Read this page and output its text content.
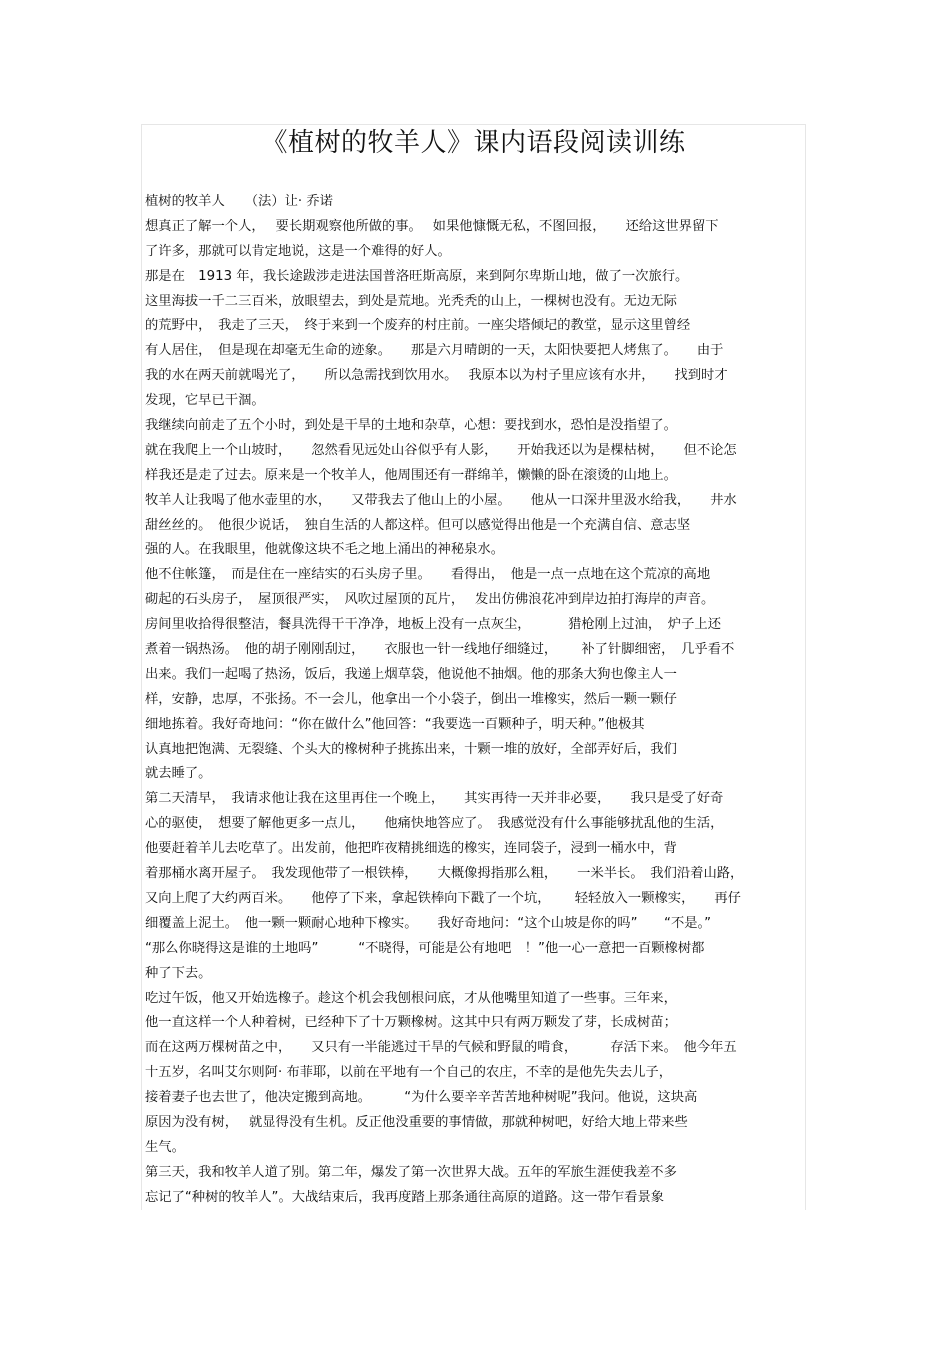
《植树的牧羊人》课内语段阅读训练
植树的牧羊人　　（法）让· 乔诺
想真正了解一个人，　 要长期观察他所做的事。　 如果他慷慨无私，不图回报，　　还给这世界留下
了许多，那就可以肯定地说，这是一个难得的好人。
那是在　1913 年，我长途跋涉走进法国普洛旺斯高原，来到阿尔卑斯山地，做了一次旅行。
这里海拔一千二三百米，放眼望去，到处是荒地。光秃秃的山上，一棵树也没有。无边无际
的荒野中，　我走了三天，　终于来到一个废弃的村庄前。一座尖塔倾圮的教堂，显示这里曾经
有人居住，　但是现在却毫无生命的迹象。　　那是六月晴朗的一天，太阳快要把人烤焦了。　　由于
我的水在两天前就喝光了，　　所以急需找到饮用水。　 我原本以为村子里应该有水井，　　找到时才
发现，它早已干涸。
我继续向前走了五个小时，到处是干旱的土地和杂草，心想：要找到水，恐怕是没指望了。
就在我爬上一个山坡时，　　忽然看见远处山谷似乎有人影，　　开始我还以为是棵枯树，　　但不论怎
样我还是走了过去。原来是一个牧羊人，他周围还有一群绵羊，懒懒的卧在滚烫的山地上。
牧羊人让我喝了他水壶里的水，　　又带我去了他山上的小屋。　　他从一口深井里汲水给我，　　井水
甜丝丝的。　他很少说话，　独自生活的人都这样。但可以感觉得出他是一个充满自信、意志坚
强的人。在我眼里，他就像这块不毛之地上涌出的神秘泉水。
他不住帐篷，　而是住在一座结实的石头房子里。　　看得出，　他是一点一点地在这个荒凉的高地
砌起的石头房子，　屋顶很严实，　风吹过屋顶的瓦片，　 发出仿佛浪花冲到岸边拍打海岸的声音。
房间里收拾得很整洁，餐具洗得干干净净，地板上没有一点灰尘，　　　 猎枪刚上过油，　炉子上还
煮着一锅热汤。　他的胡子刚刚刮过，　　衣服也一针一线地仔细缝过，　　 补了针脚细密，　几乎看不
出来。我们一起喝了热汤，饭后，我递上烟草袋，他说他不抽烟。他的那条大狗也像主人一
样，安静，忠厚，不张扬。不一会儿，他拿出一个小袋子，倒出一堆橡实，然后一颗一颗仔
细地拣着。我好奇地问：“你在做什么”他回答：“我要选一百颗种子，明天种。”他极其
认真地把饱满、无裂缝、个头大的橡树种子挑拣出来，十颗一堆的放好，全部弄好后，我们
就去睡了。
第二天清早，　我请求他让我在这里再住一个晚上，　　其实再待一天并非必要，　　我只是受了好奇
心的驱使，　想要了解他更多一点儿，　　他痛快地答应了。　我感觉没有什么事能够扰乱他的生活，
他要赶着羊儿去吃草了。出发前，他把昨夜精挑细选的橡实，连同袋子，浸到一桶水中，背
着那桶水离开屋子。　我发现他带了一根铁棒，　　大概像拇指那么粗，　　一米半长。　我们沿着山路，
又向上爬了大约两百米。　　他停了下来，拿起铁棒向下戳了一个坑，　　 轻轻放入一颗橡实，　　再仔
细覆盖上泥土。　他一颗一颗耐心地种下橡实。　　我好奇地问：“这个山坡是你的吗”　　“不是。”
“那么你晓得这是谁的土地吗”　　　“不晓得，可能是公有地吧　！”他一心一意把一百颗橡树都
种了下去。
吃过午饭，他又开始选橡子。趁这个机会我刨根问底，才从他嘴里知道了一些事。三年来，
他一直这样一个人种着树，已经种下了十万颗橡树。这其中只有两万颗发了芽，长成树苗；
而在这两万棵树苗之中，　　又只有一半能逃过干旱的气候和野鼠的啃食，　　　存活下来。　他今年五
十五岁，名叫艾尔则阿· 布菲耶，以前在平地有一个自己的农庄，不幸的是他先失去儿子，
接着妻子也去世了，他决定搬到高地。　　　“为什么要辛辛苦苦地种树呢”我问。他说，这块高
原因为没有树，　 就显得没有生机。反正他没重要的事情做，那就种树吧，好给大地上带来些
生气。
第三天，我和牧羊人道了别。第二年，爆发了第一次世界大战。五年的军旅生涯使我差不多
忘记了“种树的牧羊人”。大战结束后，我再度踏上那条通往高原的道路。这一带乍看景象
